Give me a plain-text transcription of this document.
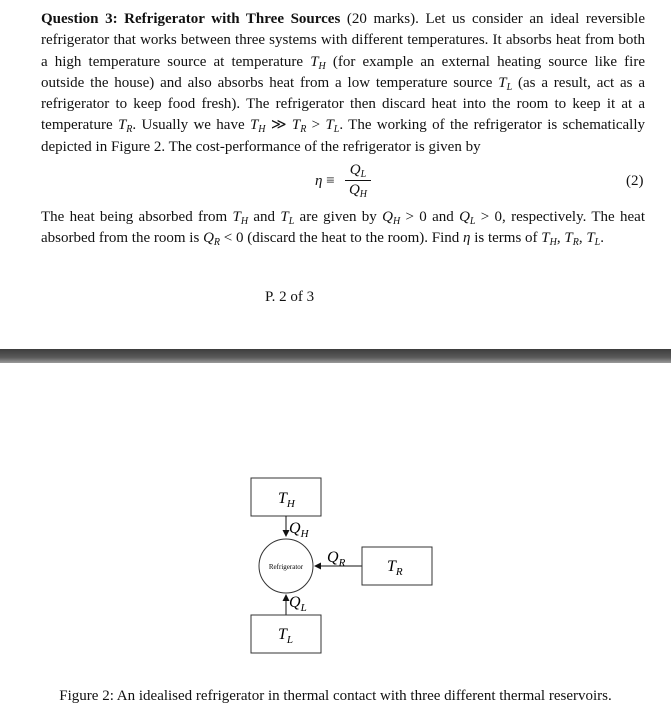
Question 3: Refrigerator with Three Sources (20 marks). Let us consider an ideal reversible refrigerator that works between three systems with different temperatures. It absorbs heat from both a high temperature source at temperature $T_H$ (for example an external heating source like fire outside the house) and also absorbs heat from a low temperature source $T_L$ (as a result, act as a refrigerator to keep food fresh). The refrigerator then discard heat into the room to keep it at a temperature $T_R$. Usually we have $T_H$ ≫ $T_R > T_L$. The working of the refrigerator is schematically depicted in Figure 2. The cost-performance of the refrigerator is given by
η ≡
$Q_L$
$Q_H$
(2)
The heat being absorbed from $T_H$ and $T_L$ are given by $Q_H > 0$ and $Q_L > 0$, respectively. The heat absorbed from the room is $Q_R < 0$ (discard the heat to the room). Find η is terms of $T_H$, $T_R$, $T_L$.
P. 2 of 3
$T_H$
$Q_H$
Refrigerator
$Q_R$	$T_R$
$Q_L$
$T_L$
Figure 2: An idealised refrigerator in thermal contact with three different thermal reservoirs.
